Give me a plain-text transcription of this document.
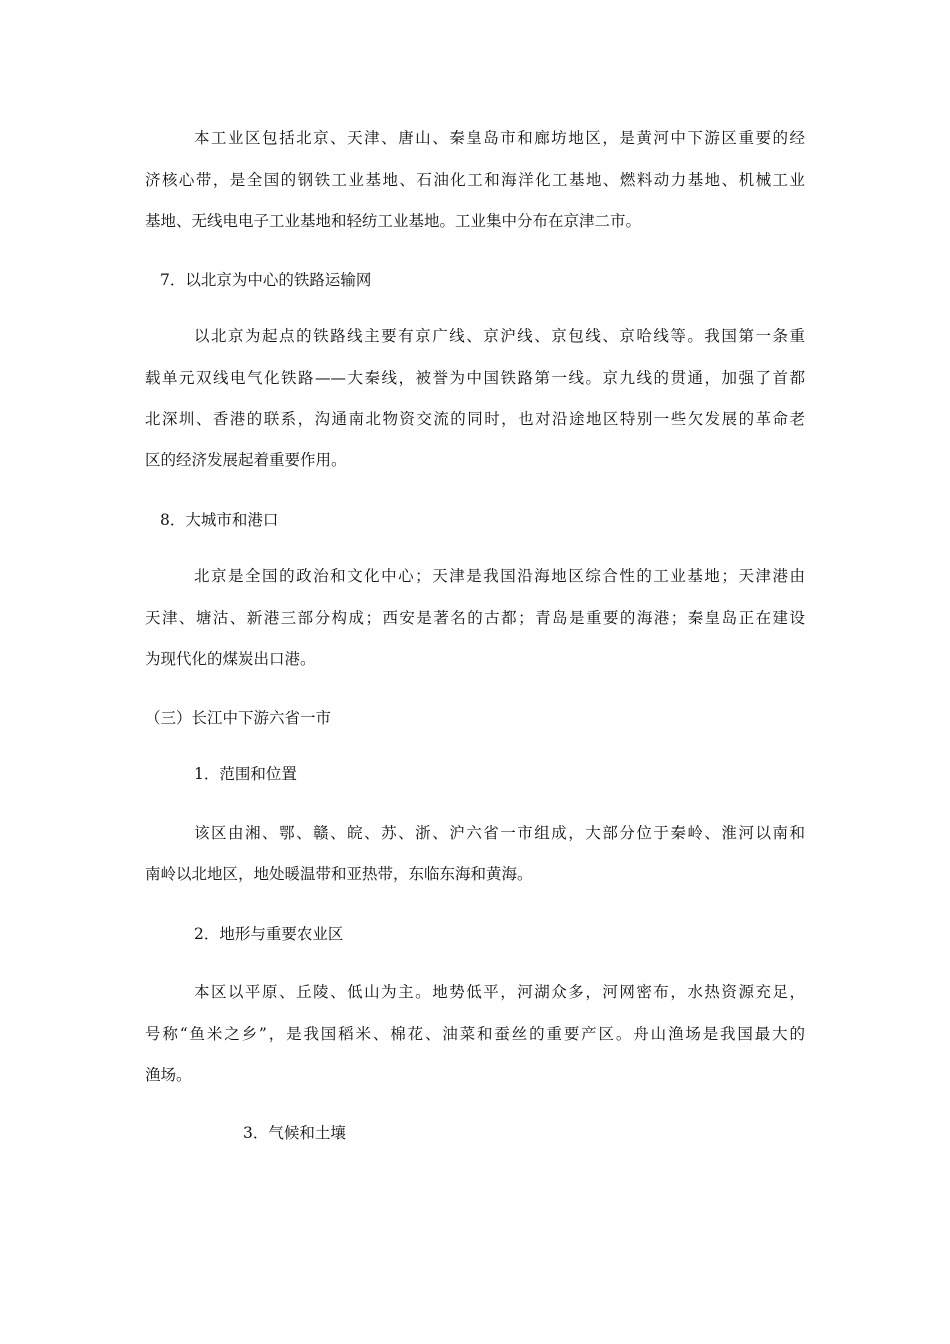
本工业区包括北京、天津、唐山、秦皇岛市和廊坊地区，是黄河中下游区重要的经
济核心带，是全国的钢铁工业基地、石油化工和海洋化工基地、燃料动力基地、机械工业
基地、无线电电子工业基地和轻纺工业基地。工业集中分布在京津二市。
7．以北京为中心的铁路运输网
以北京为起点的铁路线主要有京广线、京沪线、京包线、京哈线等。我国第一条重
载单元双线电气化铁路——大秦线，被誉为中国铁路第一线。京九线的贯通，加强了首都
北深圳、香港的联系，沟通南北物资交流的同时，也对沿途地区特别一些欠发展的革命老
区的经济发展起着重要作用。
8．大城市和港口
北京是全国的政治和文化中心；天津是我国沿海地区综合性的工业基地；天津港由
天津、塘沽、新港三部分构成；西安是著名的古都；青岛是重要的海港；秦皇岛正在建设
为现代化的煤炭出口港。
（三）长江中下游六省一市
1．范围和位置
该区由湘、鄂、赣、皖、苏、浙、沪六省一市组成，大部分位于秦岭、淮河以南和
南岭以北地区，地处暖温带和亚热带，东临东海和黄海。
2．地形与重要农业区
本区以平原、丘陵、低山为主。地势低平，河湖众多，河网密布，水热资源充足，
号称“鱼米之乡”，是我国稻米、棉花、油菜和蚕丝的重要产区。舟山渔场是我国最大的
渔场。
3．气候和土壤
